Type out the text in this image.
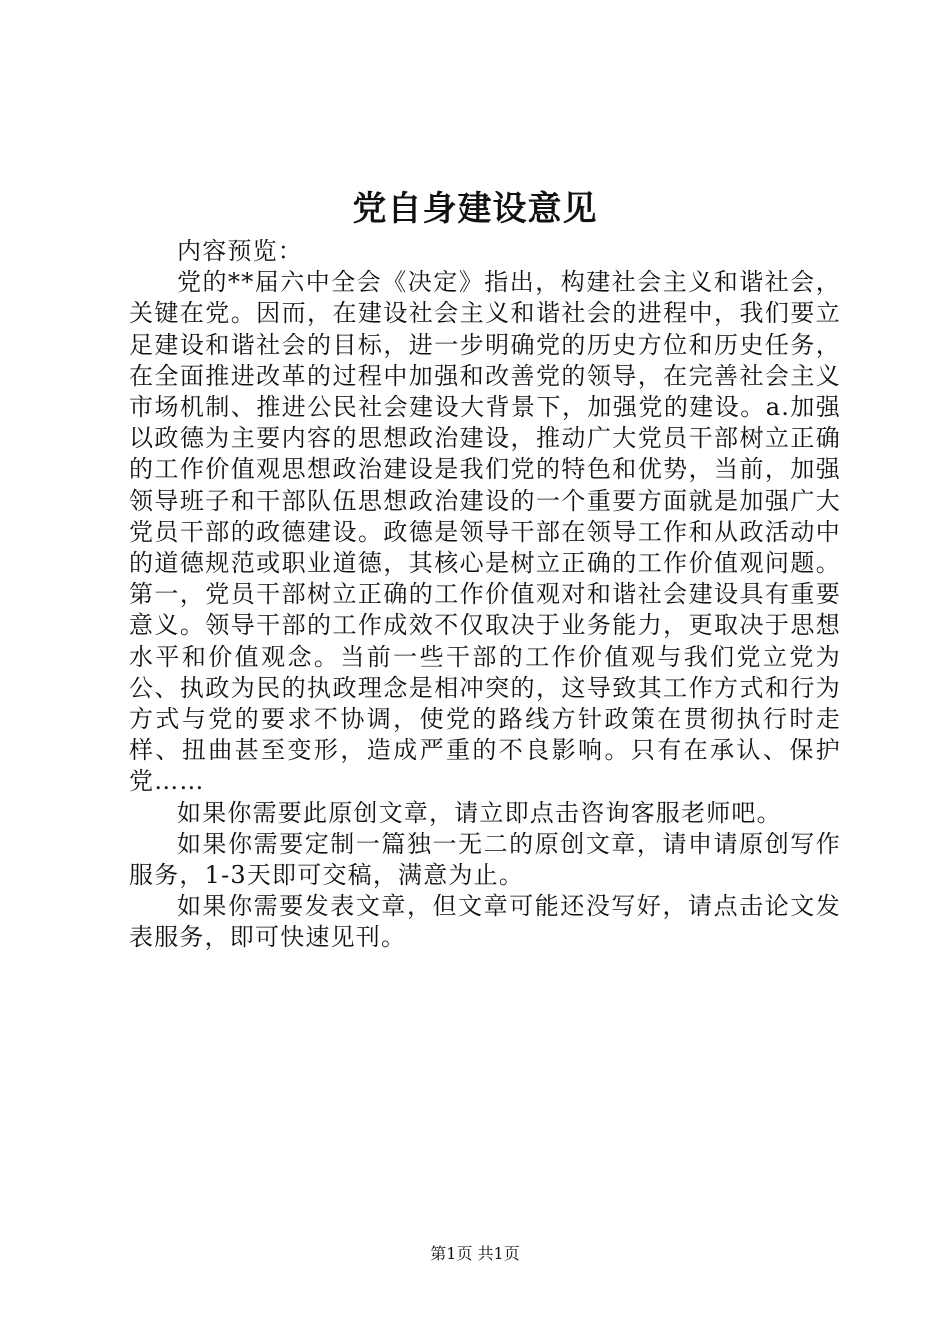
党自身建设意见

内容预览：

党的**届六中全会《决定》指出，构建社会主义和谐社会，关键在党。因而，在建设社会主义和谐社会的进程中，我们要立足建设和谐社会的目标，进一步明确党的历史方位和历史任务，在全面推进改革的过程中加强和改善党的领导，在完善社会主义市场机制、推进公民社会建设大背景下，加强党的建设。a.加强以政德为主要内容的思想政治建设，推动广大党员干部树立正确的工作价值观思想政治建设是我们党的特色和优势，当前，加强领导班子和干部队伍思想政治建设的一个重要方面就是加强广大党员干部的政德建设。政德是领导干部在领导工作和从政活动中的道德规范或职业道德，其核心是树立正确的工作价值观问题。第一，党员干部树立正确的工作价值观对和谐社会建设具有重要意义。领导干部的工作成效不仅取决于业务能力，更取决于思想水平和价值观念。当前一些干部的工作价值观与我们党立党为公、执政为民的执政理念是相冲突的，这导致其工作方式和行为方式与党的要求不协调，使党的路线方针政策在贯彻执行时走样、扭曲甚至变形，造成严重的不良影响。只有在承认、保护党……

如果你需要此原创文章，请立即点击咨询客服老师吧。

如果你需要定制一篇独一无二的原创文章，请申请原创写作服务，1-3天即可交稿，满意为止。

如果你需要发表文章，但文章可能还没写好，请点击论文发表服务，即可快速见刊。

第1页 共1页
